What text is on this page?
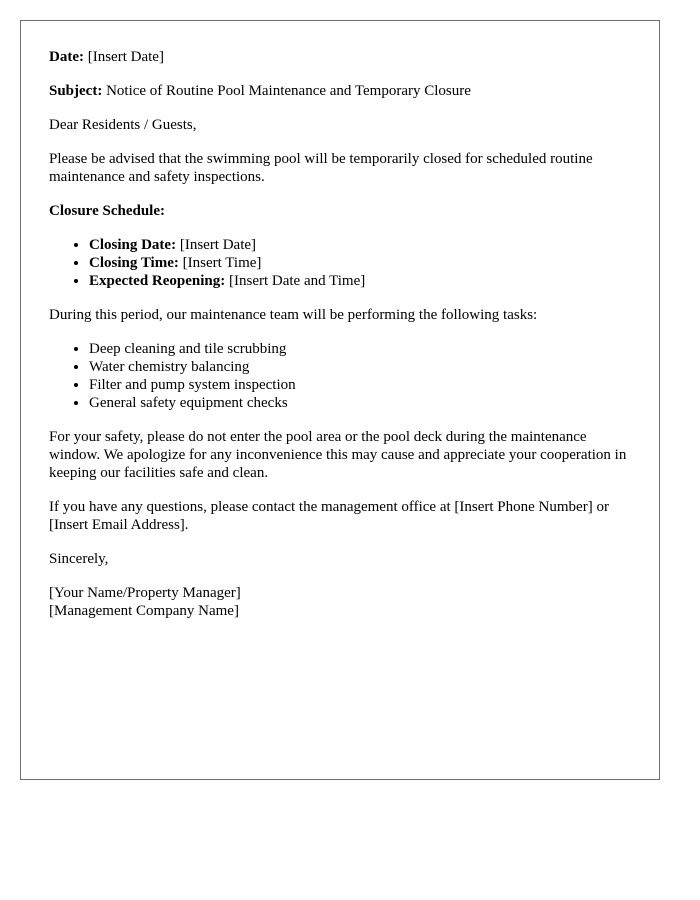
Date: [Insert Date]

Subject: Notice of Routine Pool Maintenance and Temporary Closure

Dear Residents / Guests,

Please be advised that the swimming pool will be temporarily closed for scheduled routine maintenance and safety inspections.

Closure Schedule:

• Closing Date: [Insert Date]
• Closing Time: [Insert Time]
• Expected Reopening: [Insert Date and Time]

During this period, our maintenance team will be performing the following tasks:

• Deep cleaning and tile scrubbing
• Water chemistry balancing
• Filter and pump system inspection
• General safety equipment checks

For your safety, please do not enter the pool area or the pool deck during the maintenance window. We apologize for any inconvenience this may cause and appreciate your cooperation in keeping our facilities safe and clean.

If you have any questions, please contact the management office at [Insert Phone Number] or [Insert Email Address].

Sincerely,

[Your Name/Property Manager]
[Management Company Name]
